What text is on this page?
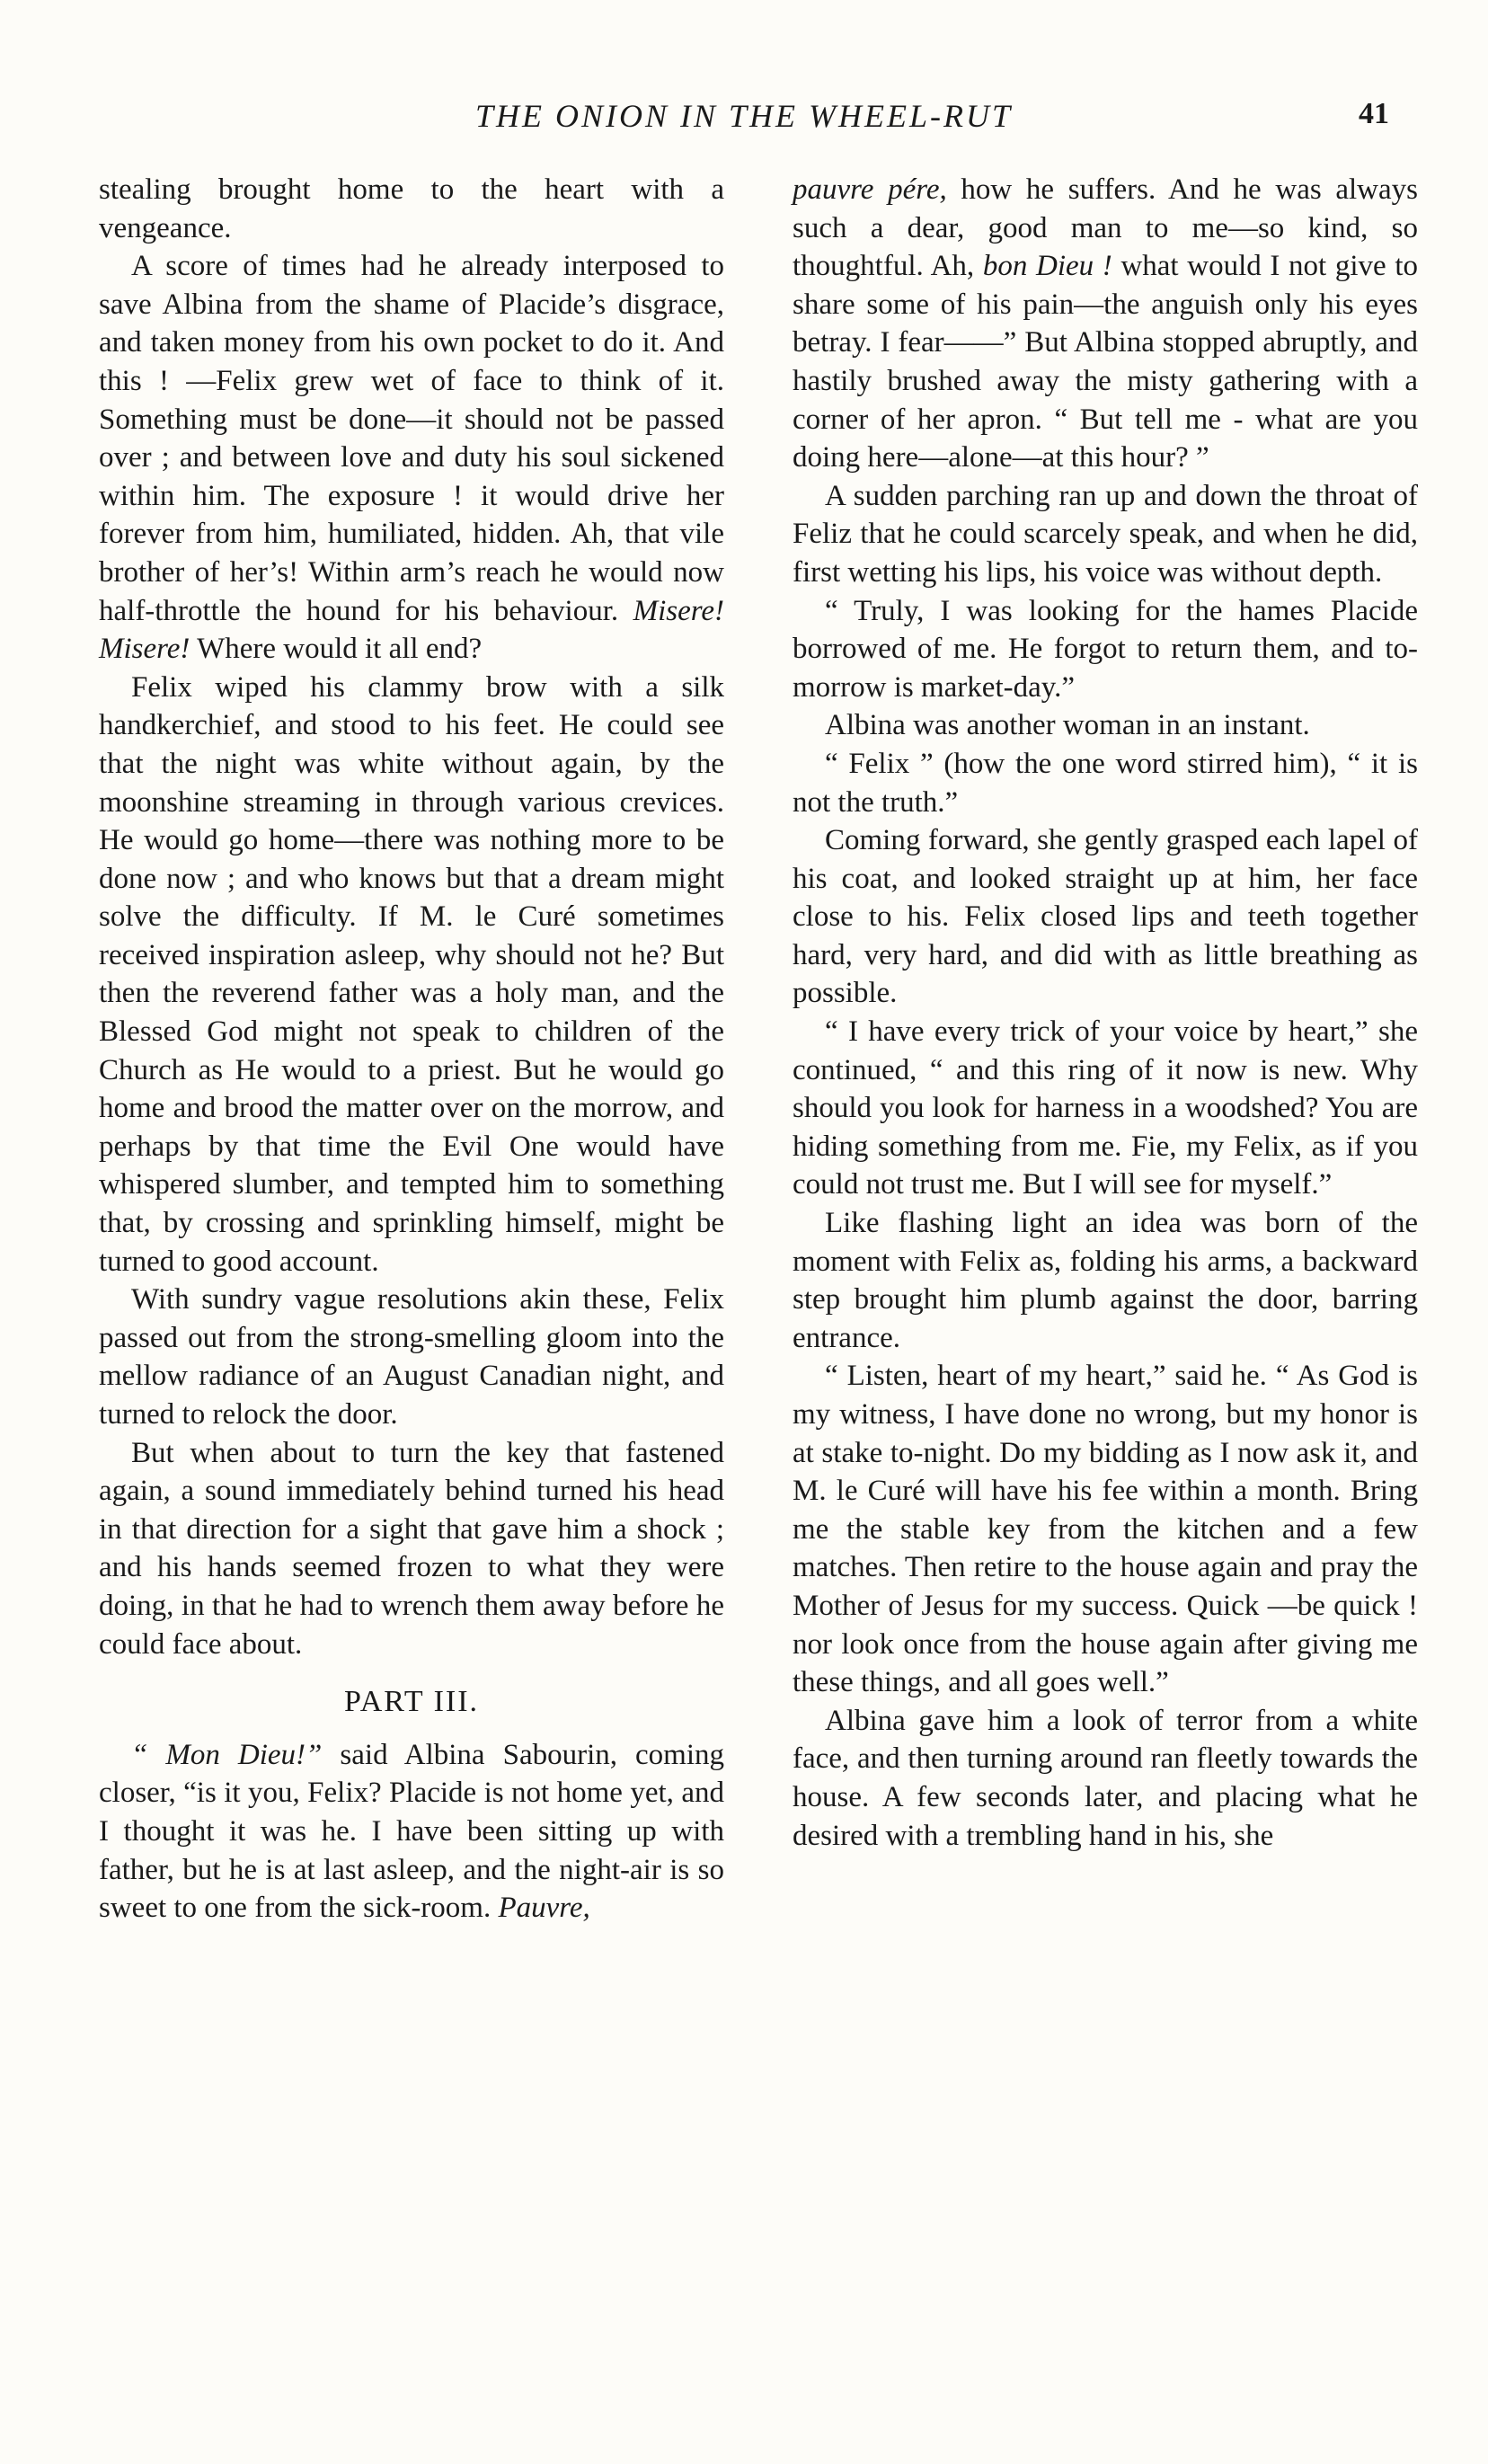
THE ONION IN THE WHEEL-RUT	41

stealing brought home to the heart with a vengeance.

A score of times had he already interposed to save Albina from the shame of Placide’s disgrace, and taken money from his own pocket to do it. And this ! —Felix grew wet of face to think of it. Something must be done—it should not be passed over ; and between love and duty his soul sickened within him. The exposure ! it would drive her forever from him, humiliated, hidden. Ah, that vile brother of her’s! Within arm’s reach he would now half-throttle the hound for his behaviour. Misere! Misere! Where would it all end?

Felix wiped his clammy brow with a silk handkerchief, and stood to his feet. He could see that the night was white without again, by the moonshine streaming in through various crevices. He would go home—there was nothing more to be done now ; and who knows but that a dream might solve the difficulty. If M. le Curé sometimes received inspiration asleep, why should not he? But then the reverend father was a holy man, and the Blessed God might not speak to children of the Church as He would to a priest. But he would go home and brood the matter over on the morrow, and perhaps by that time the Evil One would have whispered slumber, and tempted him to something that, by crossing and sprinkling himself, might be turned to good account.

With sundry vague resolutions akin these, Felix passed out from the strong-smelling gloom into the mellow radiance of an August Canadian night, and turned to relock the door.

But when about to turn the key that fastened again, a sound immediately behind turned his head in that direction for a sight that gave him a shock ; and his hands seemed frozen to what they were doing, in that he had to wrench them away before he could face about.

PART III.

“ Mon Dieu!” said Albina Sabourin, coming closer, “is it you, Felix? Placide is not home yet, and I thought it was he. I have been sitting up with father, but he is at last asleep, and the night-air is so sweet to one from the sick-room. Pauvre,

pauvre pére, how he suffers. And he was always such a dear, good man to me—so kind, so thoughtful. Ah, bon Dieu ! what would I not give to share some of his pain—the anguish only his eyes betray. I fear——” But Albina stopped abruptly, and hastily brushed away the misty gathering with a corner of her apron. “ But tell me - what are you doing here—alone—at this hour? ”

A sudden parching ran up and down the throat of Feliz that he could scarcely speak, and when he did, first wetting his lips, his voice was without depth.

“ Truly, I was looking for the hames Placide borrowed of me. He forgot to return them, and to-morrow is market-day.”

Albina was another woman in an instant.

“ Felix ” (how the one word stirred him), “ it is not the truth.”

Coming forward, she gently grasped each lapel of his coat, and looked straight up at him, her face close to his. Felix closed lips and teeth together hard, very hard, and did with as little breathing as possible.

“ I have every trick of your voice by heart,” she continued, “ and this ring of it now is new. Why should you look for harness in a woodshed? You are hiding something from me. Fie, my Felix, as if you could not trust me. But I will see for myself.”

Like flashing light an idea was born of the moment with Felix as, folding his arms, a backward step brought him plumb against the door, barring entrance.

“ Listen, heart of my heart,” said he. “ As God is my witness, I have done no wrong, but my honor is at stake to-night. Do my bidding as I now ask it, and M. le Curé will have his fee within a month. Bring me the stable key from the kitchen and a few matches. Then retire to the house again and pray the Mother of Jesus for my success. Quick —be quick ! nor look once from the house again after giving me these things, and all goes well.”

Albina gave him a look of terror from a white face, and then turning around ran fleetly towards the house. A few seconds later, and placing what he desired with a trembling hand in his, she
